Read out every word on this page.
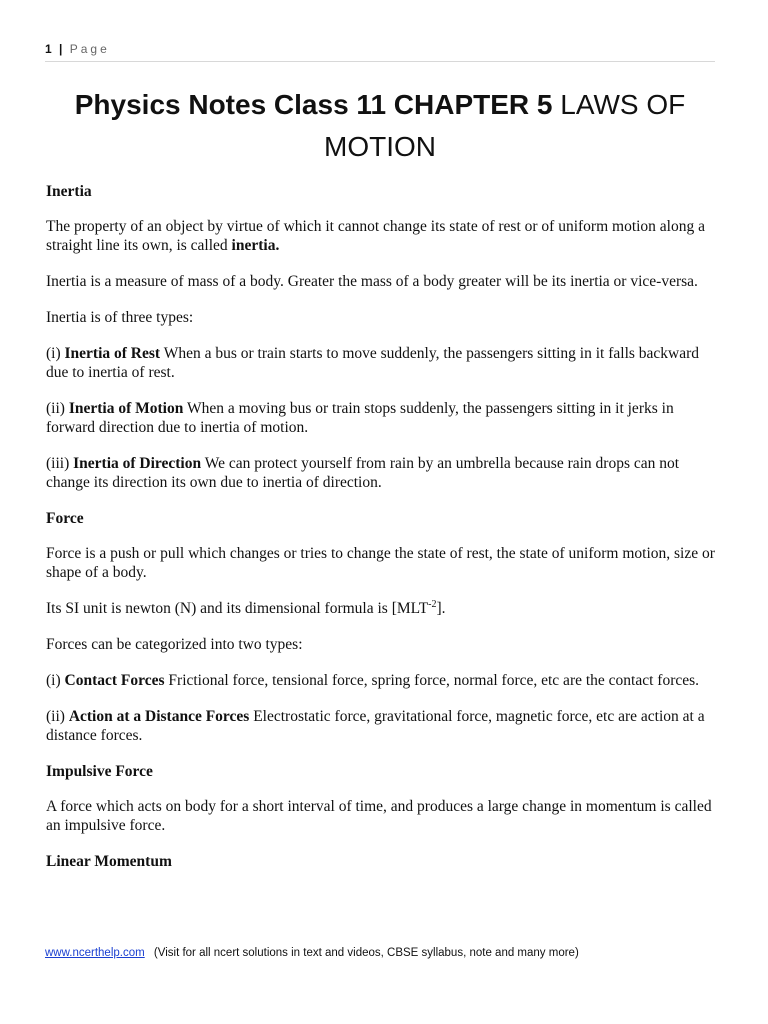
1 | Page
Physics Notes Class 11 CHAPTER 5 LAWS OF MOTION
Inertia

The property of an object by virtue of which it cannot change its state of rest or of uniform motion along a straight line its own, is called inertia.

Inertia is a measure of mass of a body. Greater the mass of a body greater will be its inertia or vice-versa.

Inertia is of three types:

(i) Inertia of Rest When a bus or train starts to move suddenly, the passengers sitting in it falls backward due to inertia of rest.

(ii) Inertia of Motion When a moving bus or train stops suddenly, the passengers sitting in it jerks in forward direction due to inertia of motion.

(iii) Inertia of Direction We can protect yourself from rain by an umbrella because rain drops can not change its direction its own due to inertia of direction.

Force

Force is a push or pull which changes or tries to change the state of rest, the state of uniform motion, size or shape of a body.

Its SI unit is newton (N) and its dimensional formula is $[MLT^{-2}]$.

Forces can be categorized into two types:

(i) Contact Forces Frictional force, tensional force, spring force, normal force, etc are the contact forces.

(ii) Action at a Distance Forces Electrostatic force, gravitational force, magnetic force, etc are action at a distance forces.

Impulsive Force

A force which acts on body for a short interval of time, and produces a large change in momentum is called an impulsive force.

Linear Momentum
www.ncerthelp.com (Visit for all ncert solutions in text and videos, CBSE syllabus, note and many more)
